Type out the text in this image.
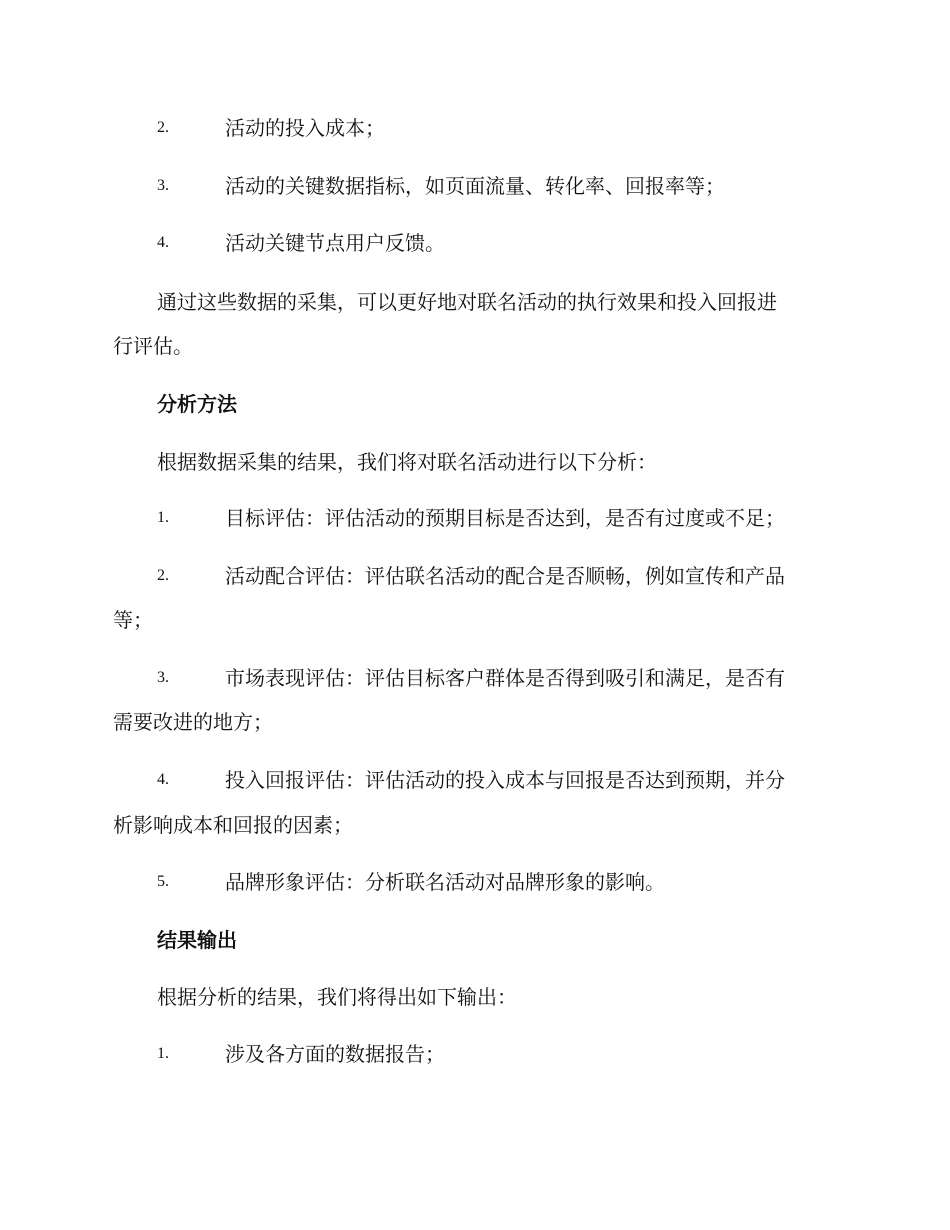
2.	活动的投入成本；
3.	活动的关键数据指标，如页面流量、转化率、回报率等；
4.	活动关键节点用户反馈。
通过这些数据的采集，可以更好地对联名活动的执行效果和投入回报进
行评估。
分析方法
根据数据采集的结果，我们将对联名活动进行以下分析：
1.	目标评估：评估活动的预期目标是否达到，是否有过度或不足；
2.	活动配合评估：评估联名活动的配合是否顺畅，例如宣传和产品
等；
3.	市场表现评估：评估目标客户群体是否得到吸引和满足，是否有
需要改进的地方；
4.	投入回报评估：评估活动的投入成本与回报是否达到预期，并分
析影响成本和回报的因素；
5.	品牌形象评估：分析联名活动对品牌形象的影响。
结果输出
根据分析的结果，我们将得出如下输出：
1.	涉及各方面的数据报告；
